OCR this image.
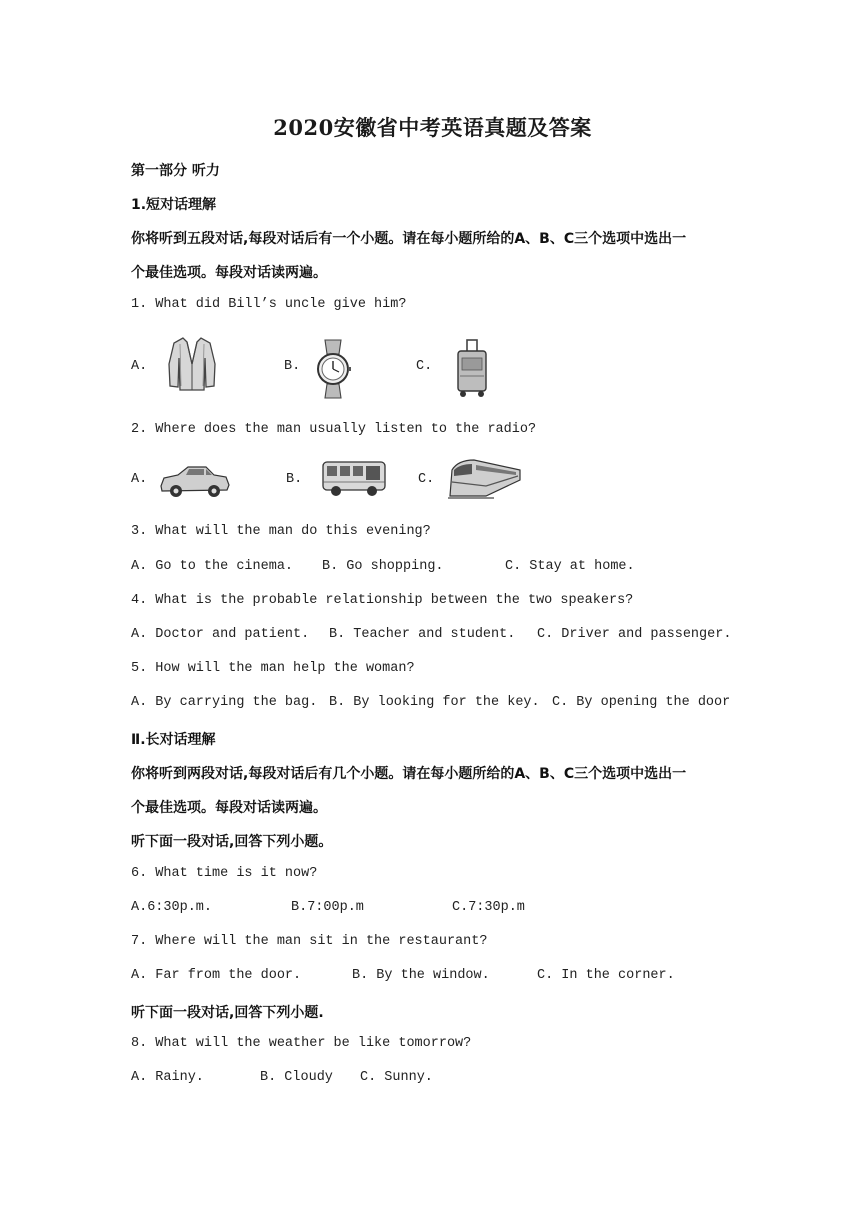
2020安徽省中考英语真题及答案
第一部分 听力
1.短对话理解
你将听到五段对话,每段对话后有一个小题。请在每小题所给的A、B、C三个选项中选出一
个最佳选项。每段对话读两遍。
1. What did Bill’s uncle give him?
A.	B.	C.
2. Where does the man usually listen to the radio?
A.	B.	C.
3. What will the man do this evening?
A. Go to the cinema. B. Go shopping.	C. Stay at home.
4. What is the probable relationship between the two speakers?
A. Doctor and patient. B. Teacher and student. C. Driver and passenger.
5. How will the man help the woman?
A. By carrying the bag. B. By looking for the key. C. By opening the door
Ⅱ.长对话理解
你将听到两段对话,每段对话后有几个小题。请在每小题所给的A、B、C三个选项中选出一
个最佳选项。每段对话读两遍。
听下面一段对话,回答下列小题。
6. What time is it now?
A.6:30p.m.	B.7:00p.m	C.7:30p.m
7. Where will the man sit in the restaurant?
A. Far from the door.	B. By the window.	C. In the corner.
听下面一段对话,回答下列小题.
8. What will the weather be like tomorrow?
A. Rainy.	B. Cloudy C. Sunny.
